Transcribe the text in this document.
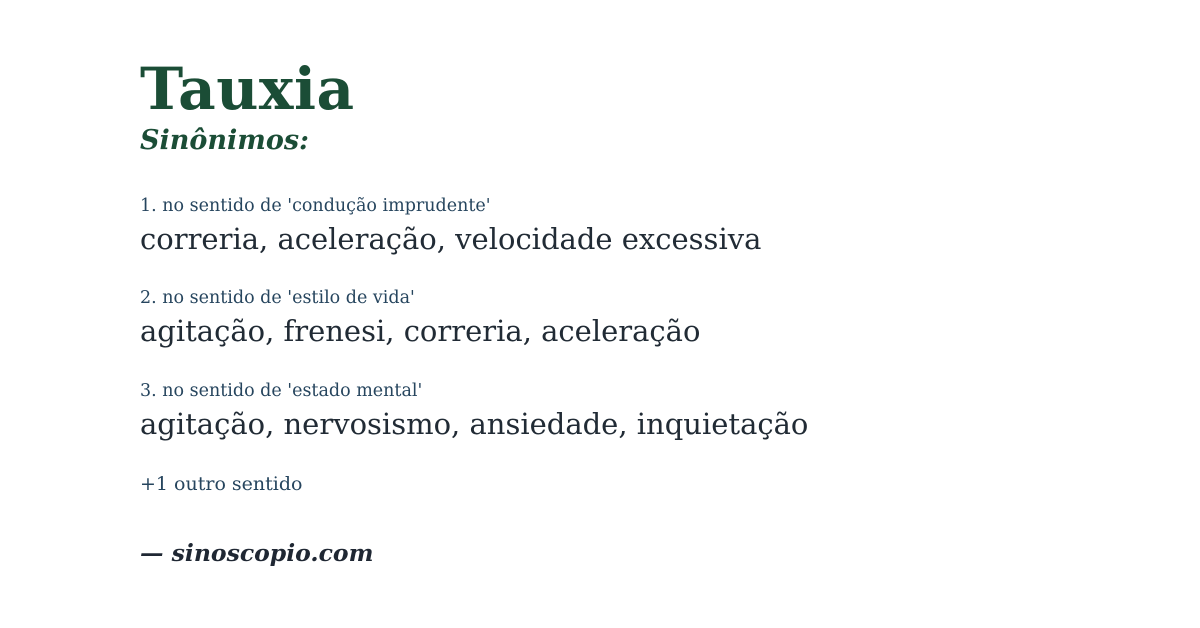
Tauxia
Sinônimos:
1. no sentido de 'condução imprudente'
correria, aceleração, velocidade excessiva
2. no sentido de 'estilo de vida'
agitação, frenesi, correria, aceleração
3. no sentido de 'estado mental'
agitação, nervosismo, ansiedade, inquietação
+1 outro sentido
— sinoscopio.com
